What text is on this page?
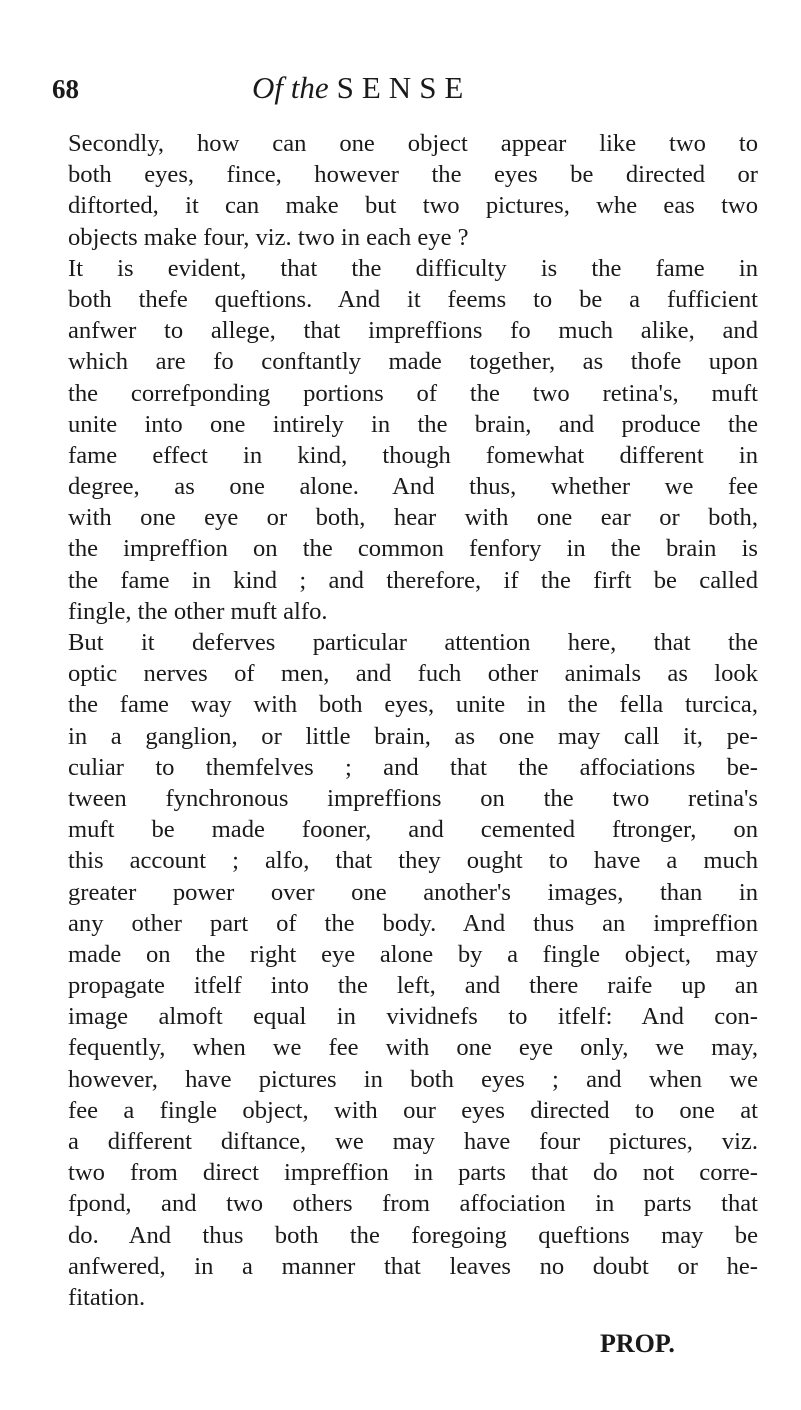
68	Of the SENSE
Secondly, how can one object appear like two to
both eyes, fince, however the eyes be directed or
diftorted, it can make but two pictures, whe eas two
objects make four, viz. two in each eye ?
It is evident, that the difficulty is the fame in
both thefe queftions. And it feems to be a fufficient
anfwer to allege, that impreffions fo much alike, and
which are fo conftantly made together, as thofe upon
the correfponding portions of the two retina's, muft
unite into one intirely in the brain, and produce the
fame effect in kind, though fomewhat different in
degree, as one alone. And thus, whether we fee
with one eye or both, hear with one ear or both,
the impreffion on the common fenfory in the brain is
the fame in kind ; and therefore, if the firft be called
fingle, the other muft alfo.
But it deferves particular attention here, that the
optic nerves of men, and fuch other animals as look
the fame way with both eyes, unite in the fella turcica,
in a ganglion, or little brain, as one may call it, pe-
culiar to themfelves ; and that the affociations be-
tween fynchronous impreffions on the two retina's
muft be made fooner, and cemented ftronger, on
this account ; alfo, that they ought to have a much
greater power over one another's images, than in
any other part of the body. And thus an impreffion
made on the right eye alone by a fingle object, may
propagate itfelf into the left, and there raife up an
image almoft equal in vividnefs to itfelf: And con-
fequently, when we fee with one eye only, we may,
however, have pictures in both eyes ; and when we
fee a fingle object, with our eyes directed to one at
a different diftance, we may have four pictures, viz.
two from direct impreffion in parts that do not corre-
fpond, and two others from affociation in parts that
do. And thus both the foregoing queftions may be
anfwered, in a manner that leaves no doubt or he-
fitation.
PROP.
